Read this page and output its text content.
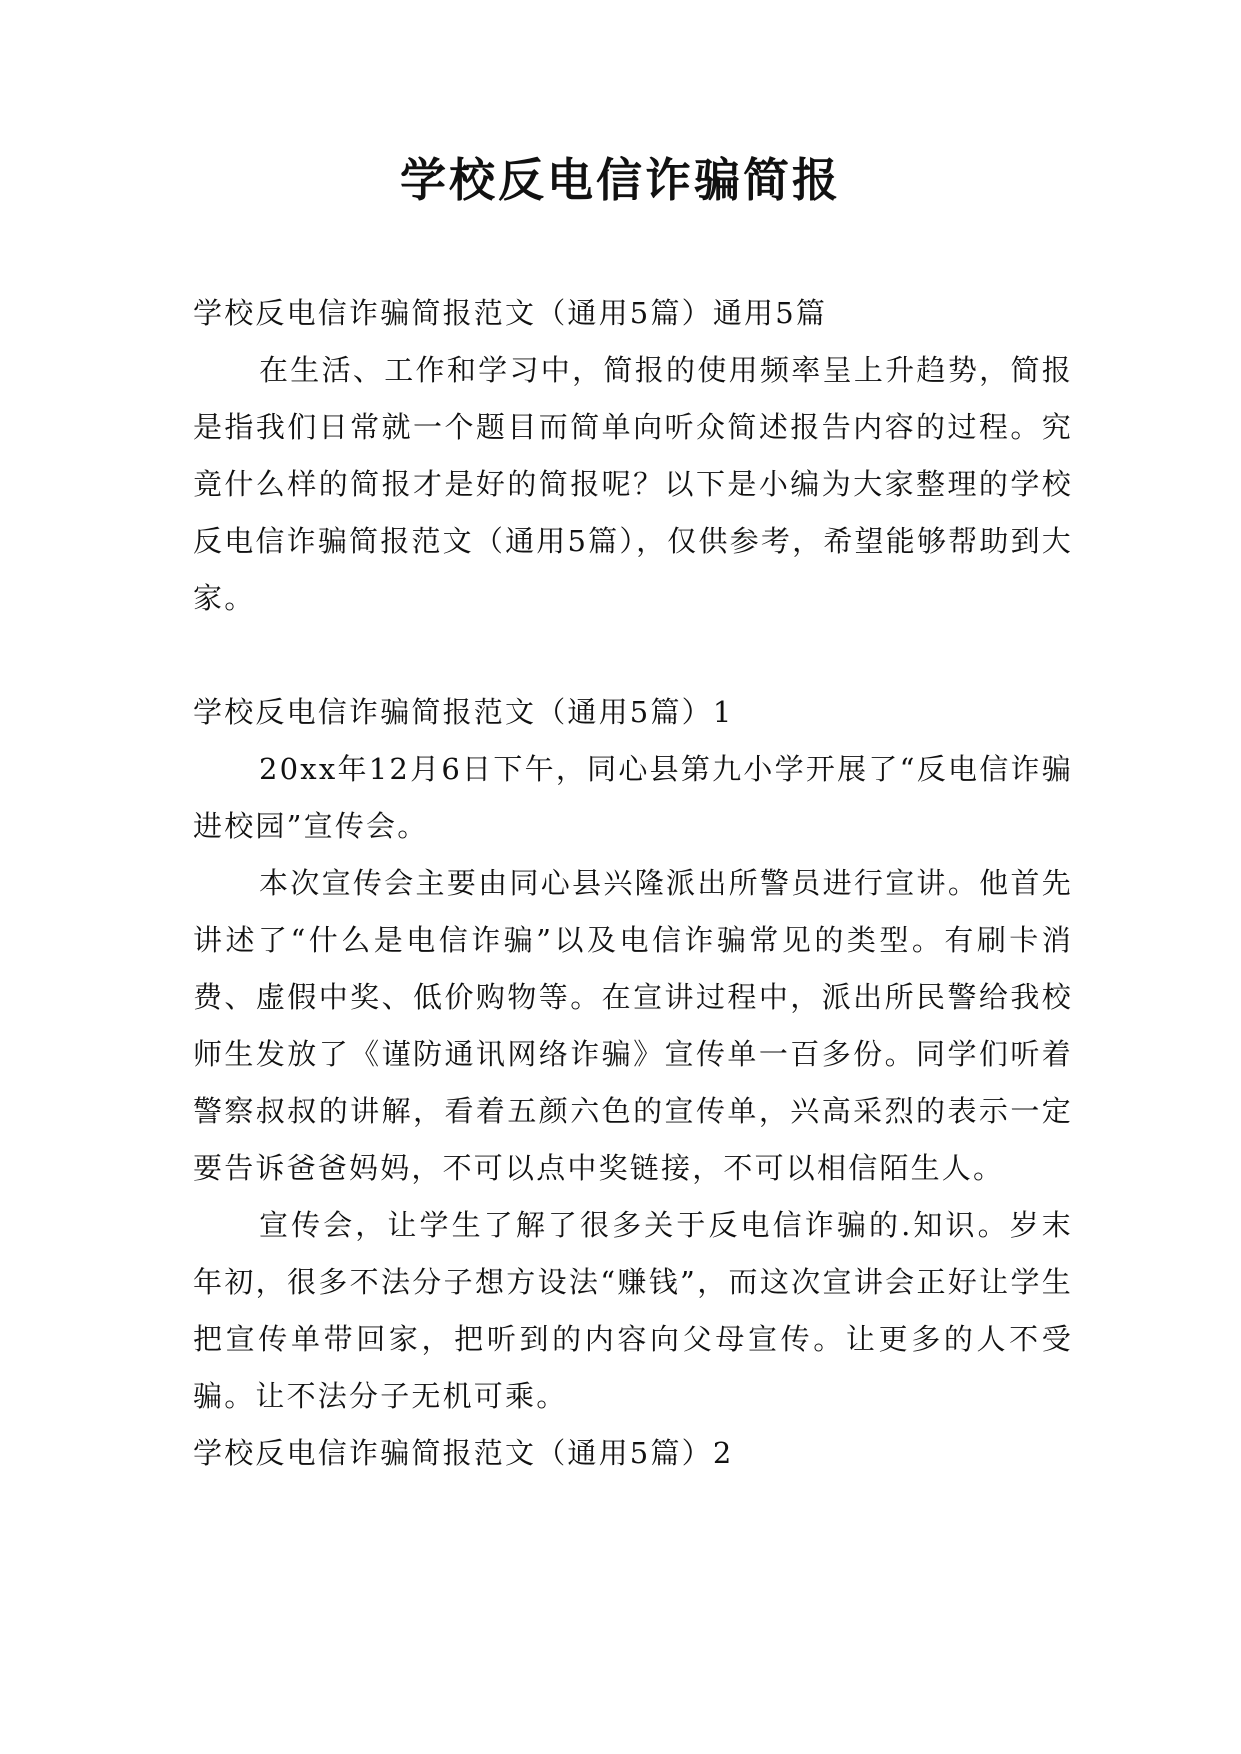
学校反电信诈骗简报

学校反电信诈骗简报范文（通用5篇）通用5篇

在生活、工作和学习中，简报的使用频率呈上升趋势，简报是指我们日常就一个题目而简单向听众简述报告内容的过程。究竟什么样的简报才是好的简报呢？以下是小编为大家整理的学校反电信诈骗简报范文（通用5篇），仅供参考，希望能够帮助到大家。

学校反电信诈骗简报范文（通用5篇）1

20xx年12月6日下午，同心县第九小学开展了“反电信诈骗进校园”宣传会。

本次宣传会主要由同心县兴隆派出所警员进行宣讲。他首先讲述了“什么是电信诈骗”以及电信诈骗常见的类型。有刷卡消费、虚假中奖、低价购物等。在宣讲过程中，派出所民警给我校师生发放了《谨防通讯网络诈骗》宣传单一百多份。同学们听着警察叔叔的讲解，看着五颜六色的宣传单，兴高采烈的表示一定要告诉爸爸妈妈，不可以点中奖链接，不可以相信陌生人。

宣传会，让学生了解了很多关于反电信诈骗的.知识。岁末年初，很多不法分子想方设法“赚钱”，而这次宣讲会正好让学生把宣传单带回家，把听到的内容向父母宣传。让更多的人不受骗。让不法分子无机可乘。

学校反电信诈骗简报范文（通用5篇）2
